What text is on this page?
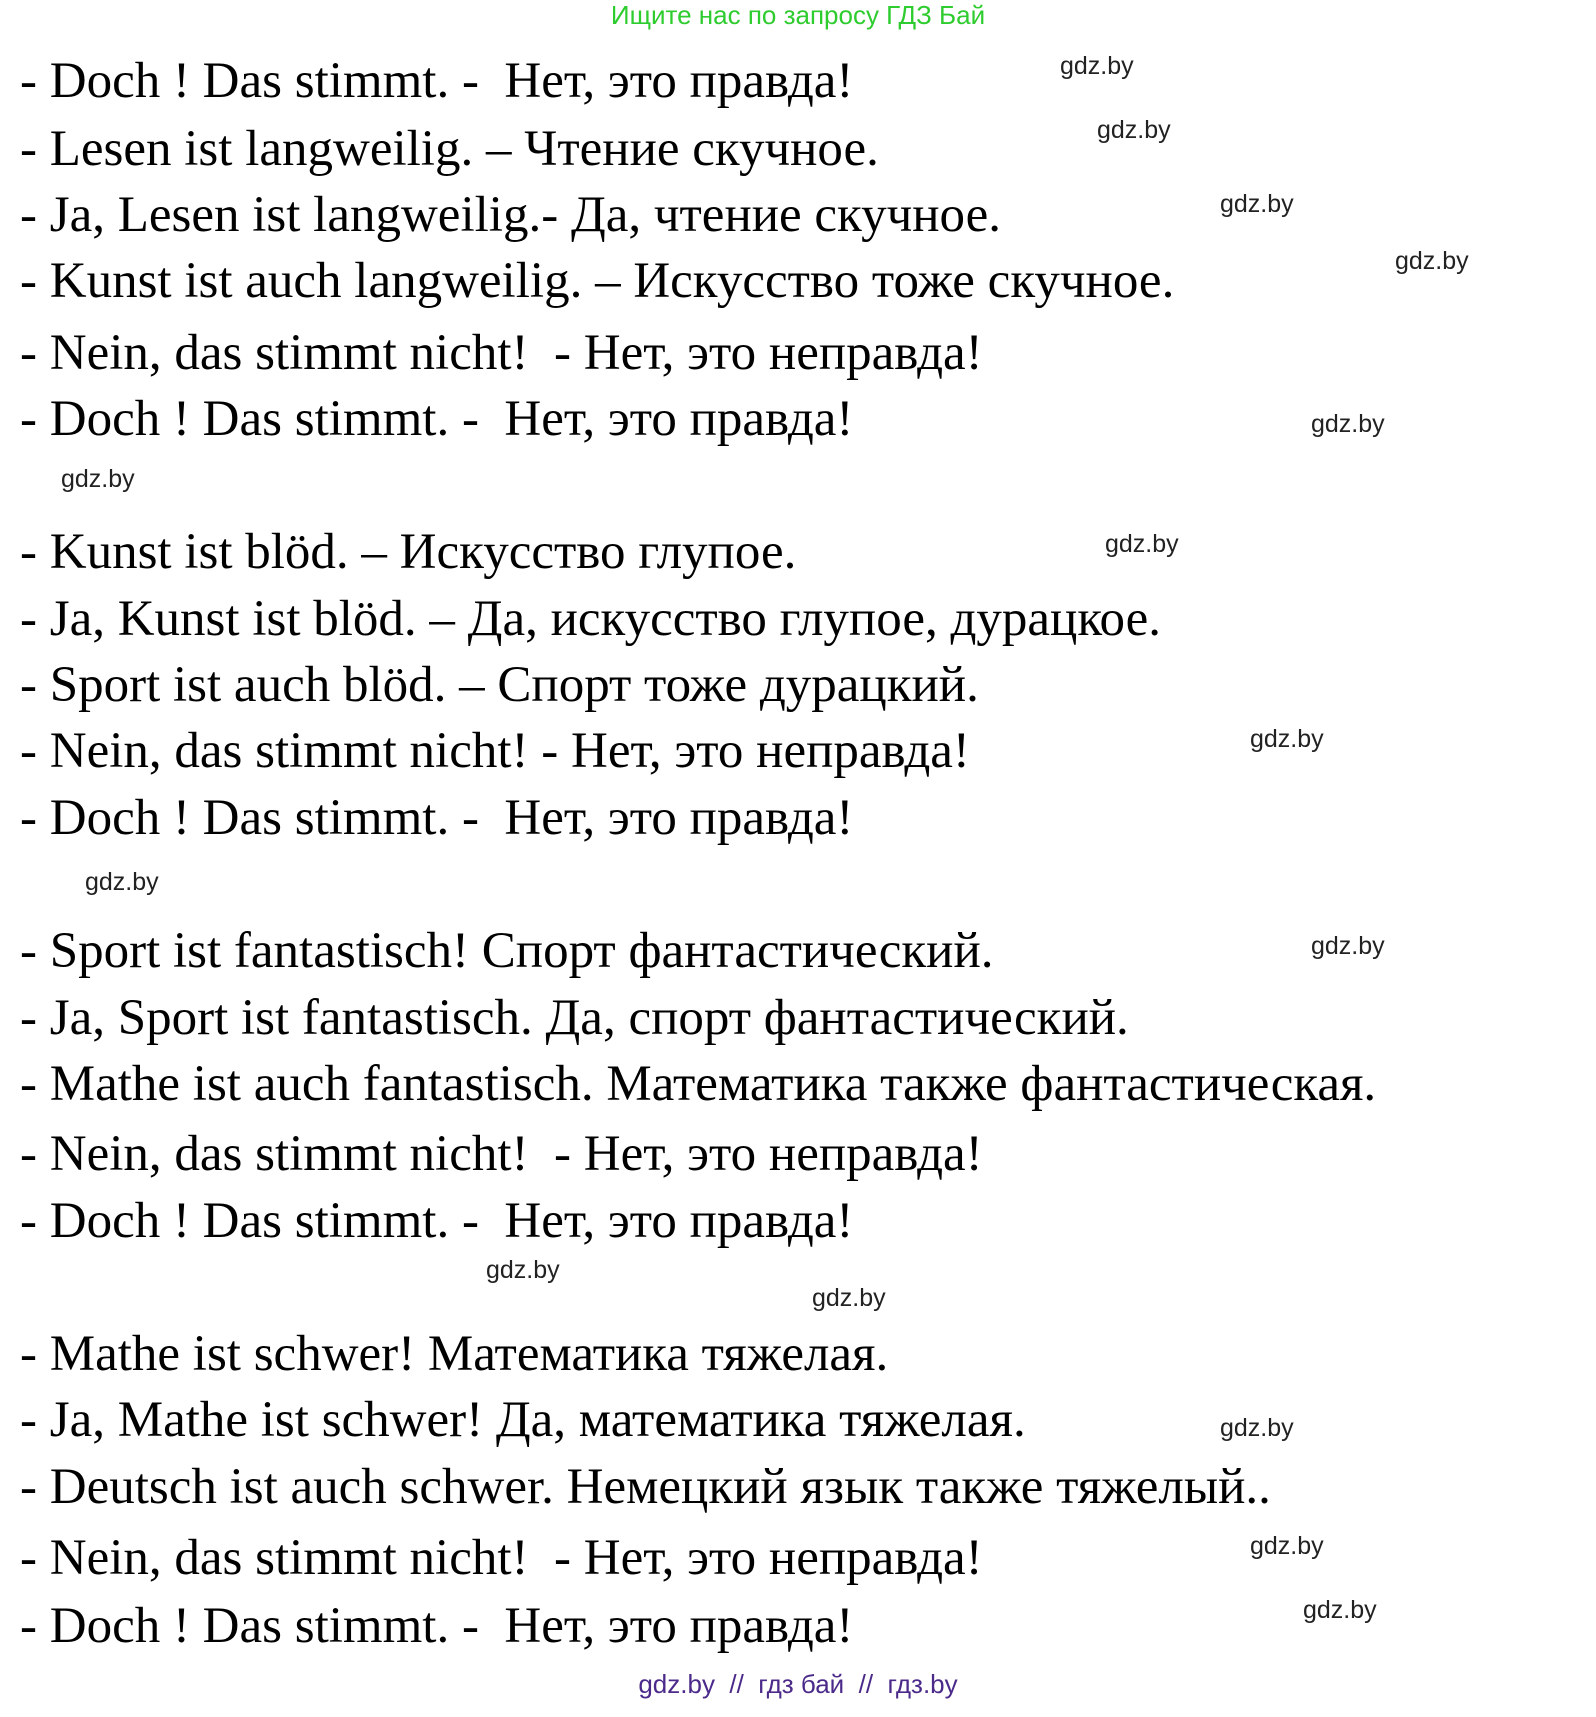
Ищите нас по запросу ГДЗ Бай
- Doch ! Das stimmt. -  Нет, это правда!
- Lesen ist langweilig. – Чтение скучное.
- Ja, Lesen ist langweilig.- Да, чтение скучное.
- Kunst ist auch langweilig. – Искусство тоже скучное.
- Nein, das stimmt nicht!  - Нет, это неправда!
- Doch ! Das stimmt. -  Нет, это правда!
- Kunst ist blöd. – Искусство глупое.
- Ja, Kunst ist blöd. – Да, искусство глупое, дурацкое.
- Sport ist auch blöd. – Спорт тоже дурацкий.
- Nein, das stimmt nicht! - Нет, это неправда!
- Doch ! Das stimmt. -  Нет, это правда!
- Sport ist fantastisch! Спорт фантастический.
- Ja, Sport ist fantastisch. Да, спорт фантастический.
- Mathe ist auch fantastisch. Математика также фантастическая.
- Nein, das stimmt nicht!  - Нет, это неправда!
- Doch ! Das stimmt. -  Нет, это правда!
- Mathe ist schwer! Математика тяжелая.
- Ja, Mathe ist schwer! Да, математика тяжелая.
- Deutsch ist auch schwer. Немецкий язык также тяжелый..
- Nein, das stimmt nicht!  - Нет, это неправда!
- Doch ! Das stimmt. -  Нет, это правда!
gdz.by
gdz.by
gdz.by
gdz.by
gdz.by
gdz.by
gdz.by
gdz.by
gdz.by
gdz.by
gdz.by
gdz.by
gdz.by
gdz.by
gdz.by
gdz.by  //  гдз бай  //  гдз.by
